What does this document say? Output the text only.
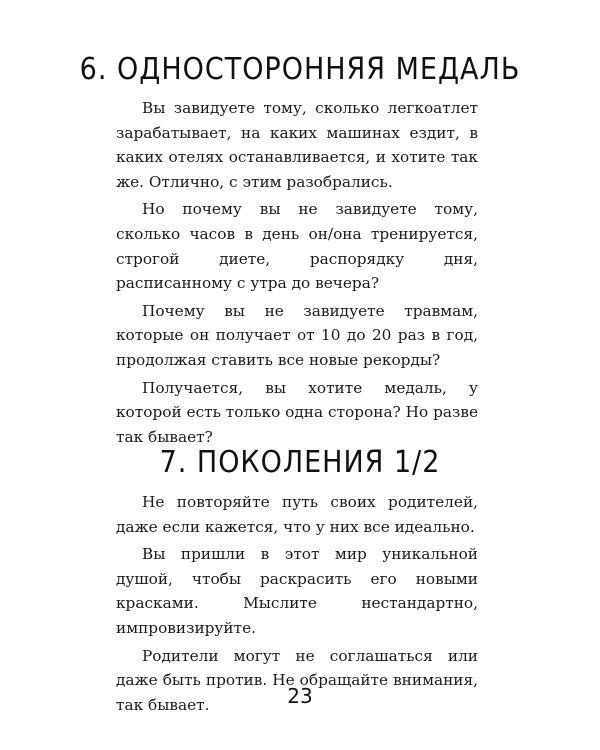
6. ОДНОСТОРОННЯЯ МЕДАЛЬ

Вы завидуете тому, сколько легкоатлет зарабатывает, на каких машинах ездит, в каких отелях останавливается, и хотите так же. Отлично, с этим разобрались.

Но почему вы не завидуете тому, сколько часов в день он/она тренируется, строгой диете, распорядку дня, расписанному с утра до вечера?

Почему вы не завидуете травмам, которые он получает от 10 до 20 раз в год, продолжая ставить все новые рекорды?

Получается, вы хотите медаль, у которой есть только одна сторона? Но разве так бывает?

7. ПОКОЛЕНИЯ 1/2

Не повторяйте путь своих родителей, даже если кажется, что у них все идеально.

Вы пришли в этот мир уникальной душой, чтобы раскрасить его новыми красками. Мыслите нестандартно, импровизируйте.

Родители могут не соглашаться или даже быть против. Не обращайте внимания, так бывает.	23
